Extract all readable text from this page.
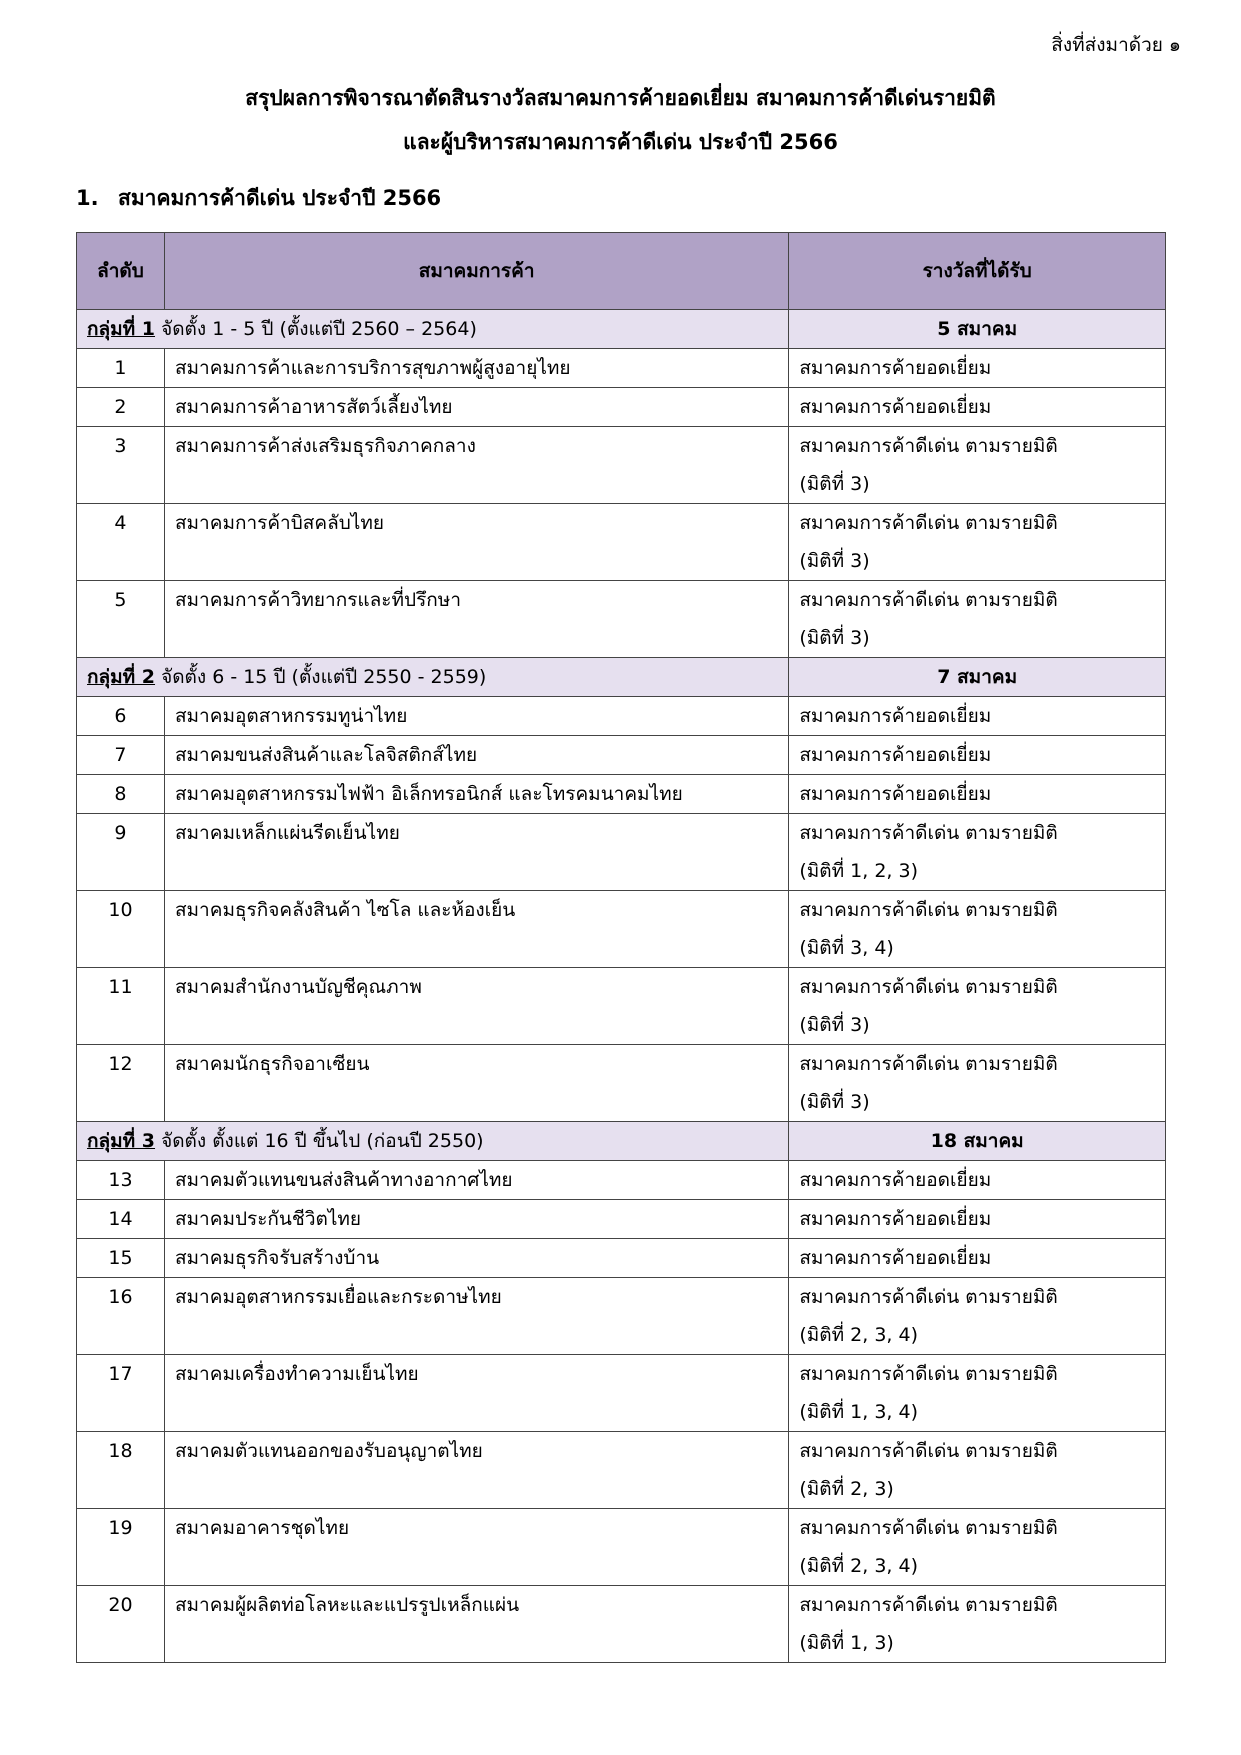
สิ่งที่ส่งมาด้วย ๑
สรุปผลการพิจารณาตัดสินรางวัลสมาคมการค้ายอดเยี่ยม สมาคมการค้าดีเด่นรายมิติ
และผู้บริหารสมาคมการค้าดีเด่น ประจำปี 2566
1. สมาคมการค้าดีเด่น ประจำปี 2566
ลำดับ	สมาคมการค้า	รางวัลที่ได้รับ
กลุ่มที่ 1 จัดตั้ง 1 - 5 ปี (ตั้งแต่ปี 2560 – 2564)		5 สมาคม
1	สมาคมการค้าและการบริการสุขภาพผู้สูงอายุไทย	สมาคมการค้ายอดเยี่ยม

2	สมาคมการค้าอาหารสัตว์เลี้ยงไทย	สมาคมการค้ายอดเยี่ยม

3	สมาคมการค้าส่งเสริมธุรกิจภาคกลาง	สมาคมการค้าดีเด่น ตามรายมิติ
(มิติที่ 3)

4	สมาคมการค้าบิสคลับไทย	สมาคมการค้าดีเด่น ตามรายมิติ
(มิติที่ 3)

5	สมาคมการค้าวิทยากรและที่ปรึกษา	สมาคมการค้าดีเด่น ตามรายมิติ
(มิติที่ 3)

กลุ่มที่ 2 จัดตั้ง 6 - 15 ปี (ตั้งแต่ปี 2550 - 2559)		7 สมาคม
6	สมาคมอุตสาหกรรมทูน่าไทย	สมาคมการค้ายอดเยี่ยม

7	สมาคมขนส่งสินค้าและโลจิสติกส์ไทย	สมาคมการค้ายอดเยี่ยม

8	สมาคมอุตสาหกรรมไฟฟ้า อิเล็กทรอนิกส์ และโทรคมนาคมไทย	สมาคมการค้ายอดเยี่ยม

9	สมาคมเหล็กแผ่นรีดเย็นไทย	สมาคมการค้าดีเด่น ตามรายมิติ
(มิติที่ 1, 2, 3)

10	สมาคมธุรกิจคลังสินค้า ไซโล และห้องเย็น	สมาคมการค้าดีเด่น ตามรายมิติ
(มิติที่ 3, 4)

11	สมาคมสำนักงานบัญชีคุณภาพ	สมาคมการค้าดีเด่น ตามรายมิติ
(มิติที่ 3)

12	สมาคมนักธุรกิจอาเซียน	สมาคมการค้าดีเด่น ตามรายมิติ
(มิติที่ 3)

กลุ่มที่ 3 จัดตั้ง ตั้งแต่ 16 ปี ขึ้นไป (ก่อนปี 2550)		18 สมาคม
13	สมาคมตัวแทนขนส่งสินค้าทางอากาศไทย	สมาคมการค้ายอดเยี่ยม

14	สมาคมประกันชีวิตไทย	สมาคมการค้ายอดเยี่ยม

15	สมาคมธุรกิจรับสร้างบ้าน	สมาคมการค้ายอดเยี่ยม

16	สมาคมอุตสาหกรรมเยื่อและกระดาษไทย	สมาคมการค้าดีเด่น ตามรายมิติ
(มิติที่ 2, 3, 4)

17	สมาคมเครื่องทำความเย็นไทย	สมาคมการค้าดีเด่น ตามรายมิติ
(มิติที่ 1, 3, 4)

18	สมาคมตัวแทนออกของรับอนุญาตไทย	สมาคมการค้าดีเด่น ตามรายมิติ
(มิติที่ 2, 3)

19	สมาคมอาคารชุดไทย	สมาคมการค้าดีเด่น ตามรายมิติ
(มิติที่ 2, 3, 4)

20	สมาคมผู้ผลิตท่อโลหะและแปรรูปเหล็กแผ่น	สมาคมการค้าดีเด่น ตามรายมิติ
(มิติที่ 1, 3)
